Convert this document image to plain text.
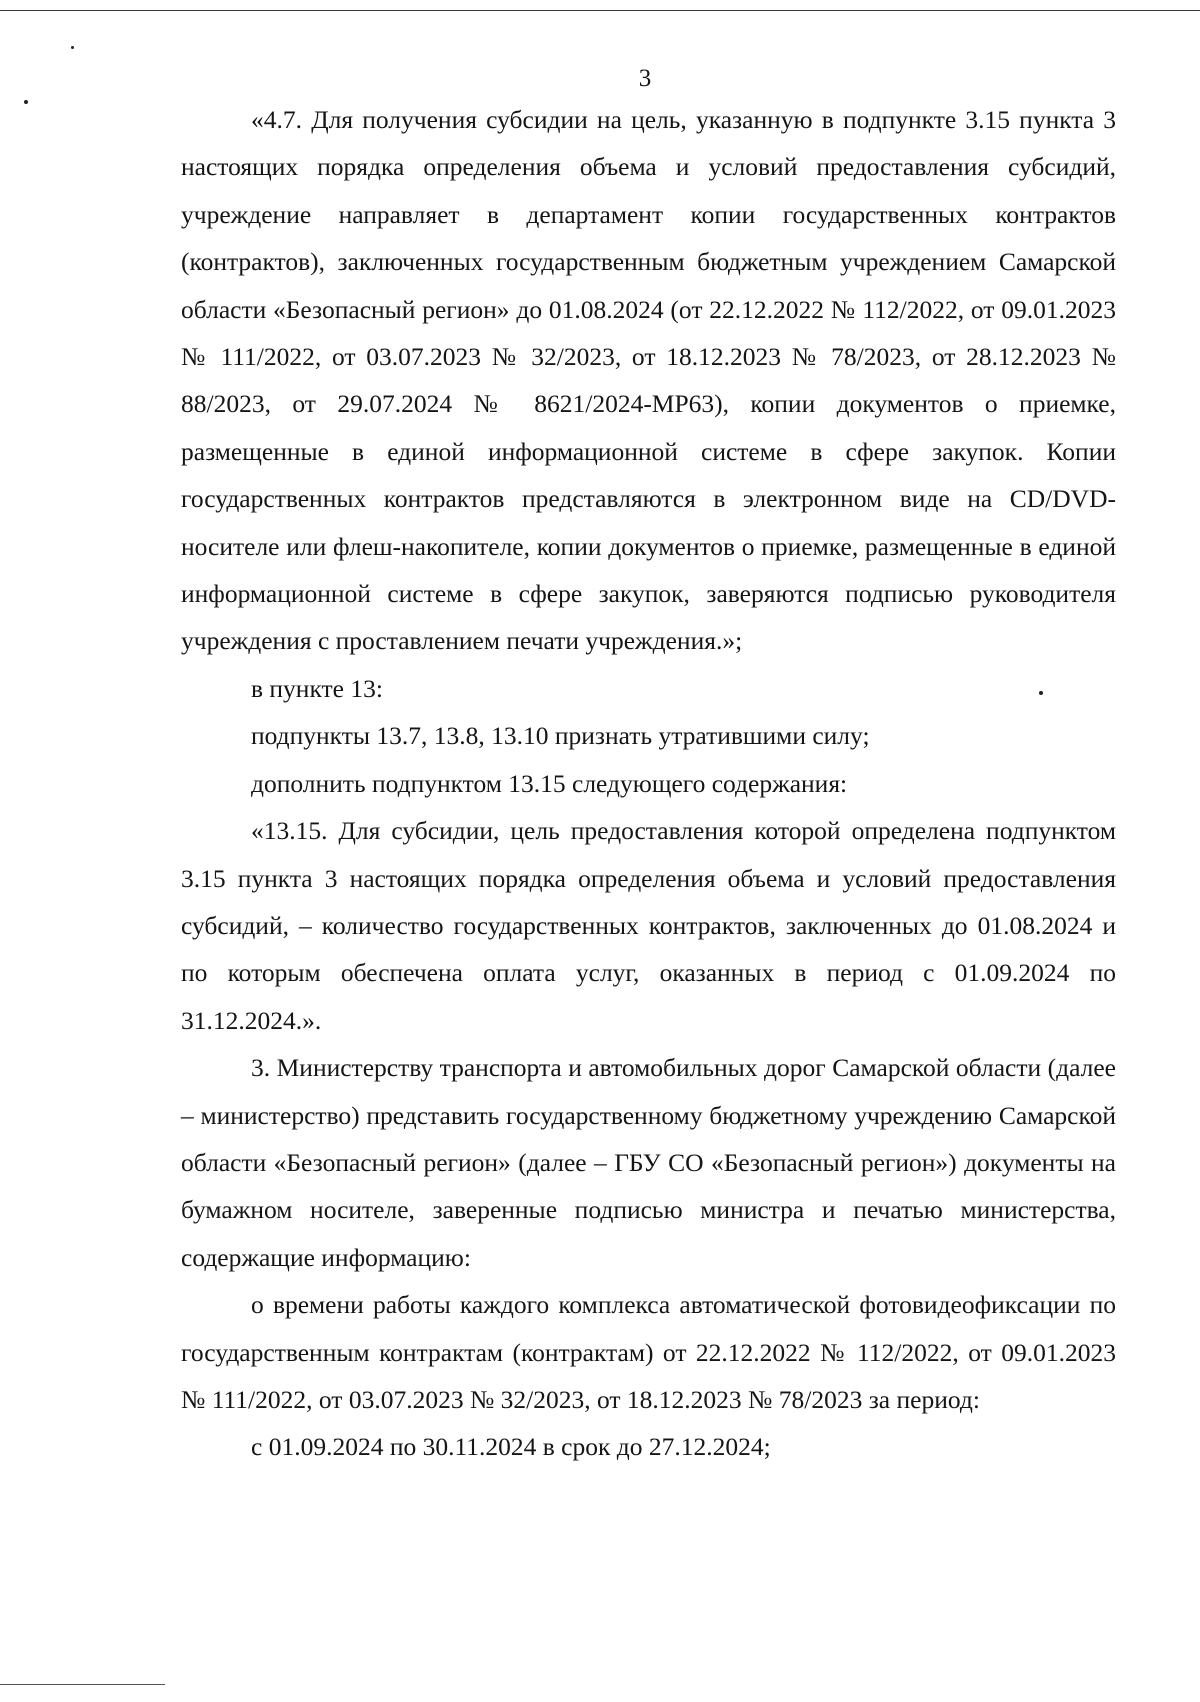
3

«4.7. Для получения субсидии на цель, указанную в подпункте 3.15 пункта 3 настоящих порядка определения объема и условий предоставления субсидий, учреждение направляет в департамент копии государственных контрактов (контрактов), заключенных государственным бюджетным учреждением Самарской области «Безопасный регион» до 01.08.2024 (от 22.12.2022 № 112/2022, от 09.01.2023 № 111/2022, от 03.07.2023 № 32/2023, от 18.12.2023 № 78/2023, от 28.12.2023 № 88/2023, от 29.07.2024 № 8621/2024-МР63), копии документов о приемке, размещенные в единой информационной системе в сфере закупок. Копии государственных контрактов представляются в электронном виде на CD/DVD-носителе или флеш-накопителе, копии документов о приемке, размещенные в единой информационной системе в сфере закупок, заверяются подписью руководителя учреждения с проставлением печати учреждения.»;

в пункте 13:

подпункты 13.7, 13.8, 13.10 признать утратившими силу;

дополнить подпунктом 13.15 следующего содержания:

«13.15. Для субсидии, цель предоставления которой определена подпунктом 3.15 пункта 3 настоящих порядка определения объема и условий предоставления субсидий, – количество государственных контрактов, заключенных до 01.08.2024 и по которым обеспечена оплата услуг, оказанных в период с 01.09.2024 по 31.12.2024.».

3. Министерству транспорта и автомобильных дорог Самарской области (далее – министерство) представить государственному бюджетному учреждению Самарской области «Безопасный регион» (далее – ГБУ СО «Безопасный регион») документы на бумажном носителе, заверенные подписью министра и печатью министерства, содержащие информацию:

о времени работы каждого комплекса автоматической фотовидеофиксации по государственным контрактам (контрактам) от 22.12.2022 № 112/2022, от 09.01.2023 № 111/2022, от 03.07.2023 № 32/2023, от 18.12.2023 № 78/2023 за период:

с 01.09.2024 по 30.11.2024 в срок до 27.12.2024;
